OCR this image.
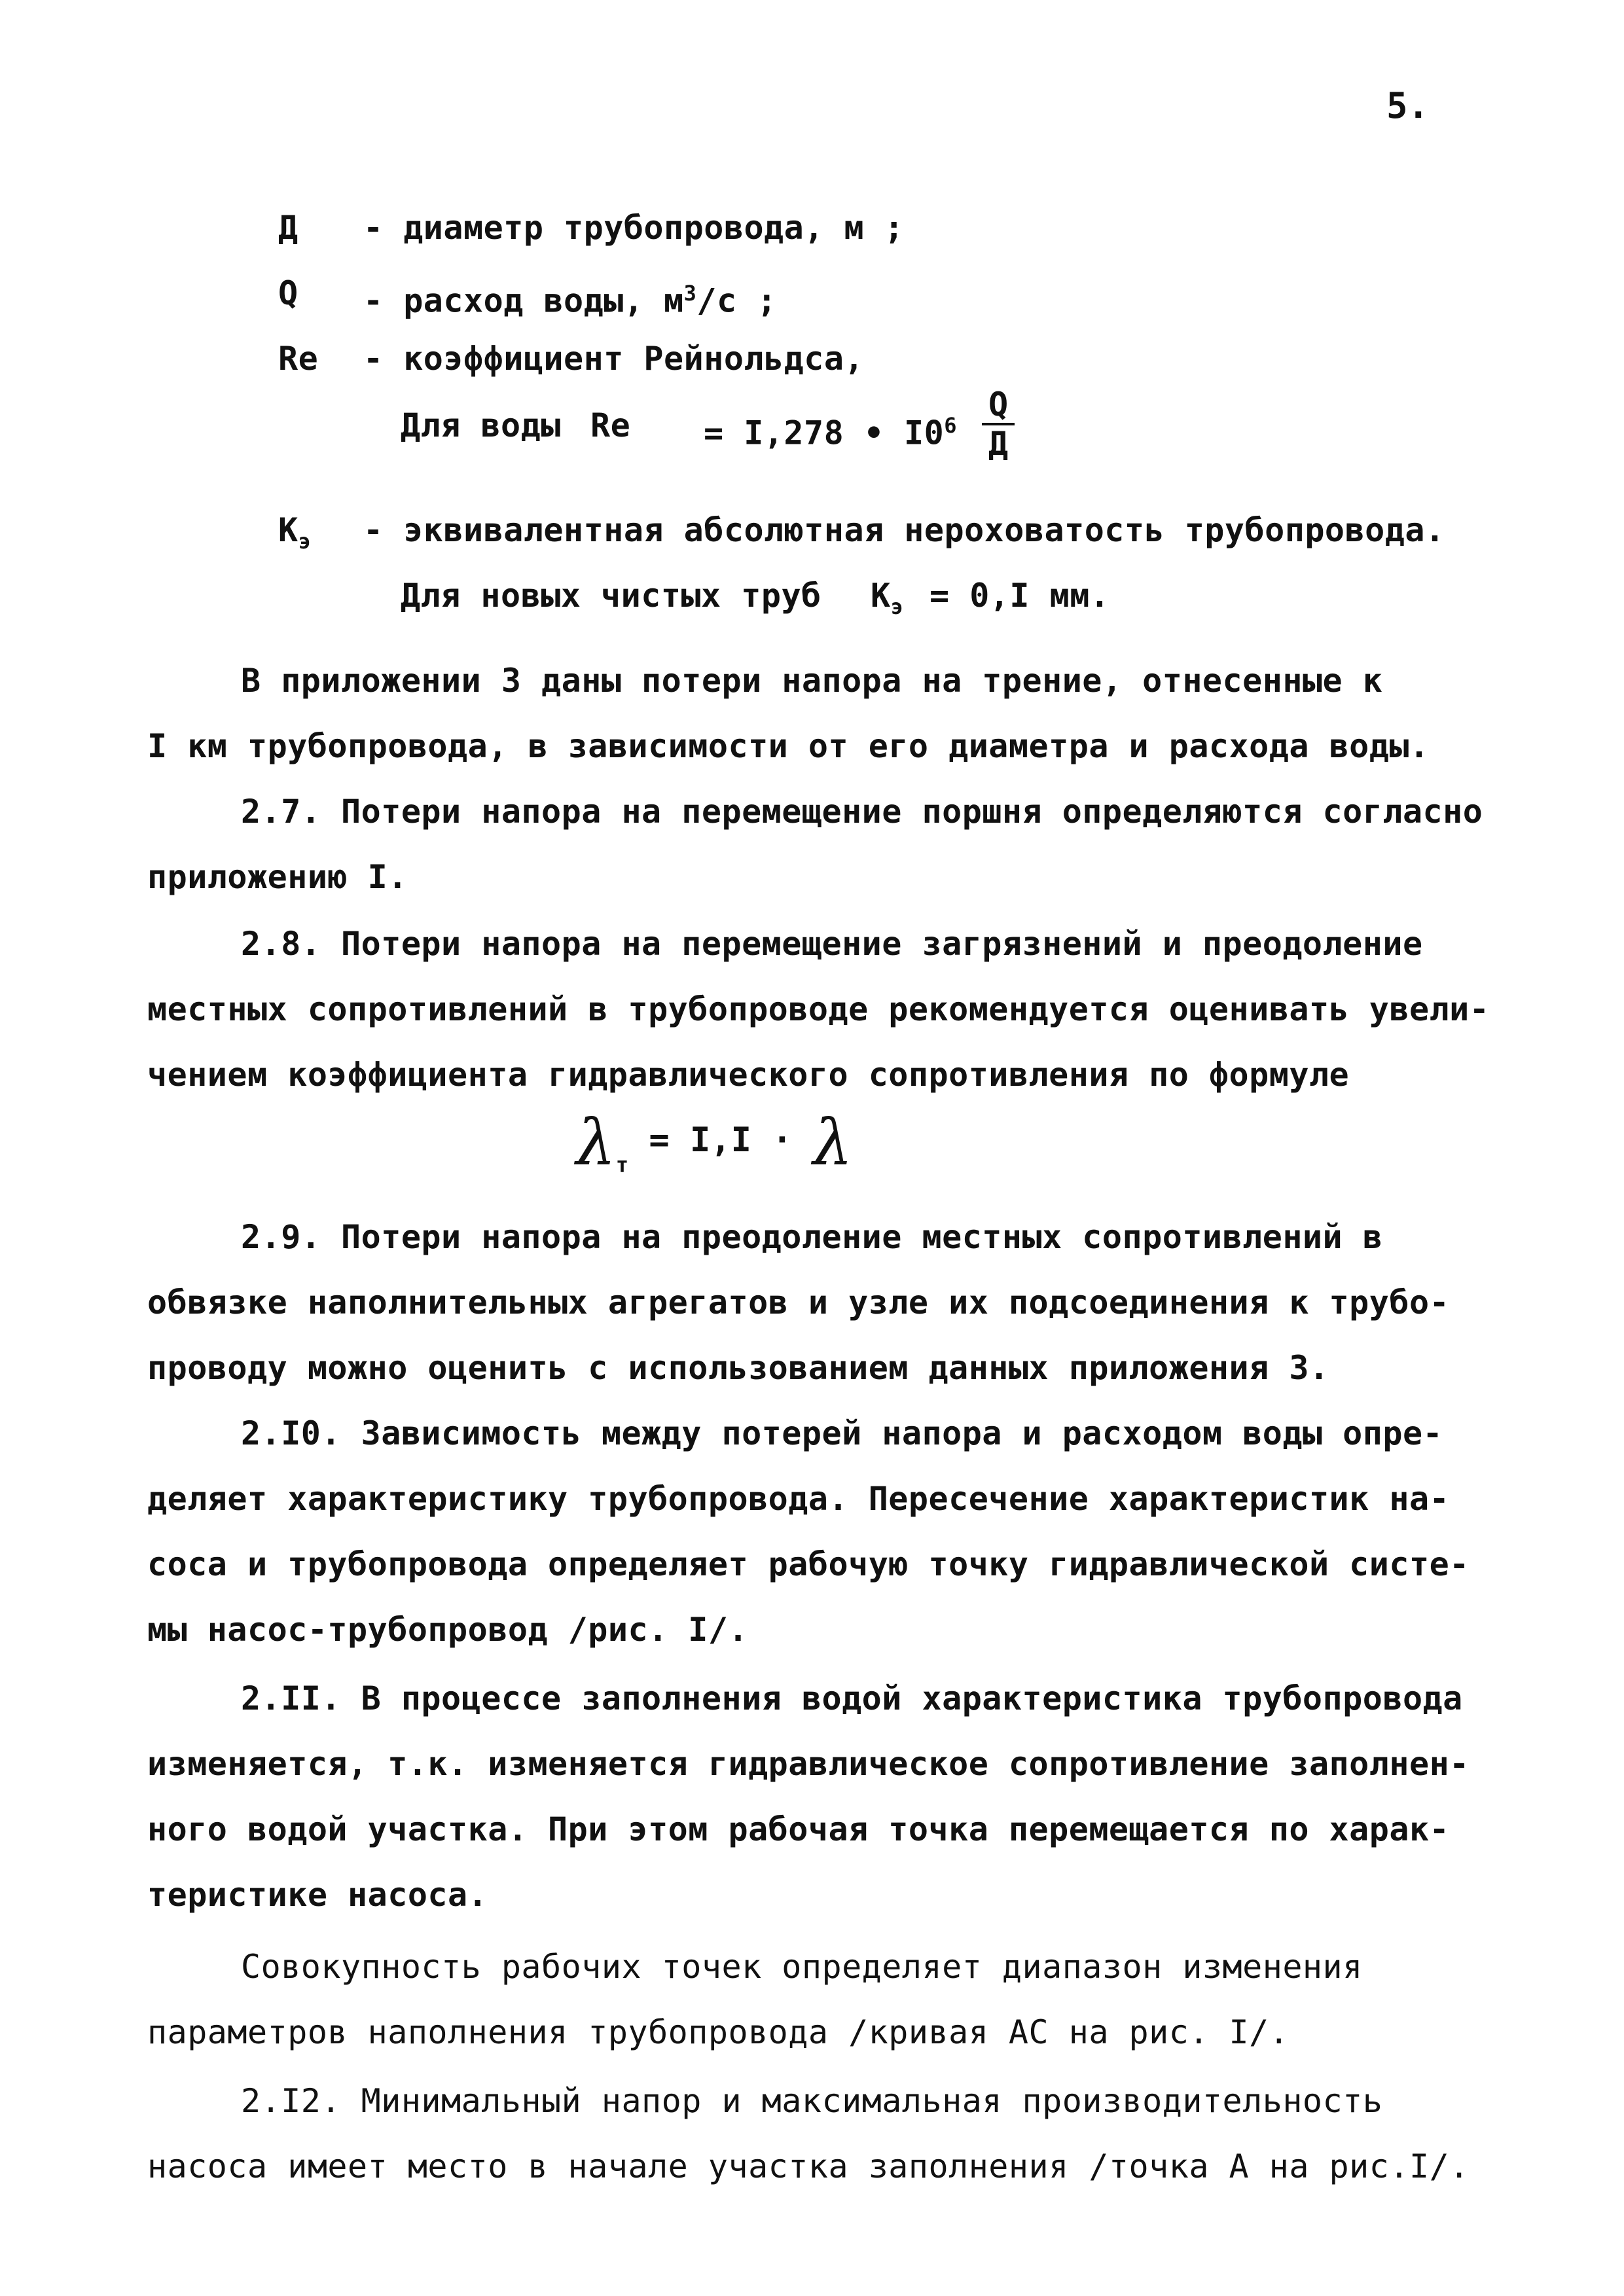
5.
Д - диаметр трубопровода, м ;
Q - расход воды, $м^3/с$ ;
Re - коэффициент Рейнольдса,
Для воды Re = I,278 • $I0^6$
Q
Д
$К_э$ - эквивалентная абсолютная нероховатость трубопровода.
Для новых чистых труб $К_э = 0,I$ мм.
В приложении 3 даны потери напора на трение, отнесенные к
I км трубопровода, в зависимости от его диаметра и расхода воды.
2.7. Потери напора на перемещение поршня определяются согласно
приложению I.
2.8. Потери напора на перемещение загрязнений и преодоление
местных сопротивлений в трубопроводе рекомендуется оценивать увели-
чением коэффициента гидравлического сопротивления по формуле
$\lambda_т = I,I \cdot \lambda$
2.9. Потери напора на преодоление местных сопротивлений в
обвязке наполнительных агрегатов и узле их подсоединения к трубо-
проводу можно оценить с использованием данных приложения 3.
2.I0. Зависимость между потерей напора и расходом воды опре-
деляет характеристику трубопровода. Пересечение характеристик на-
соса и трубопровода определяет рабочую точку гидравлической систе-
мы насос-трубопровод /рис. I/.
2.II. В процессе заполнения водой характеристика трубопровода
изменяется, т.к. изменяется гидравлическое сопротивление заполнен-
ного водой участка. При этом рабочая точка перемещается по харак-
теристике насоса.
Совокупность рабочих точек определяет диапазон изменения
параметров наполнения трубопровода /кривая АС на рис. I/.
2.I2. Минимальный напор и максимальная производительность
насоса имеет место в начале участка заполнения /точка А на рис.I/.
